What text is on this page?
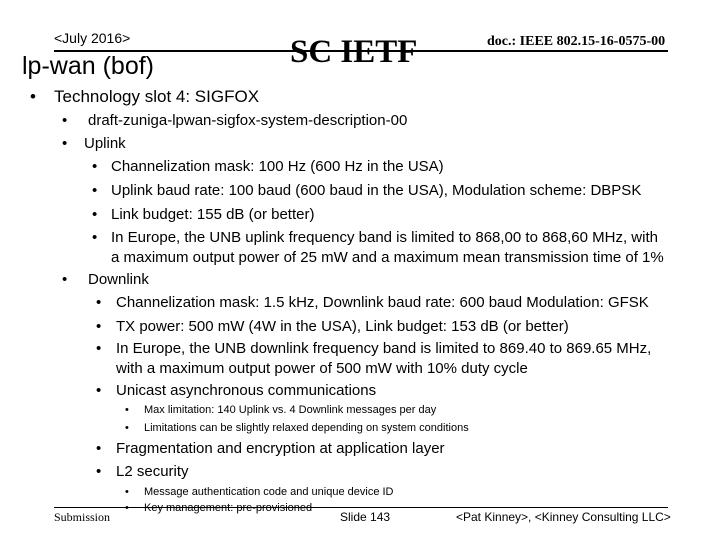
<July 2016>
lp-wan (bof)	SC IETF	doc.: IEEE 802.15-16-0575-00
• Technology slot 4: SIGFOX
• draft-zuniga-lpwan-sigfox-system-description-00
• Uplink
• Channelization mask: 100 Hz (600 Hz in the USA)
• Uplink baud rate: 100 baud (600 baud in the USA), Modulation scheme: DBPSK
• Link budget: 155 dB (or better)
• In Europe, the UNB uplink frequency band is limited to 868,00 to 868,60 MHz, with
a maximum output power of 25 mW and a maximum mean transmission time of 1%
• Downlink
• Channelization mask: 1.5 kHz, Downlink baud rate: 600 baud Modulation: GFSK
• TX power: 500 mW (4W in the USA), Link budget: 153 dB (or better)
• In Europe, the UNB downlink frequency band is limited to 869.40 to 869.65 MHz,
with a maximum output power of 500 mW with 10% duty cycle
• Unicast asynchronous communications
• Max limitation: 140 Uplink vs. 4 Downlink messages per day
• Limitations can be slightly relaxed depending on system conditions
• Fragmentation and encryption at application layer
• L2 security
• Message authentication code and unique device ID
• Key management: pre-provisioned
Submission	Slide 143	<Pat Kinney>, <Kinney Consulting LLC>
